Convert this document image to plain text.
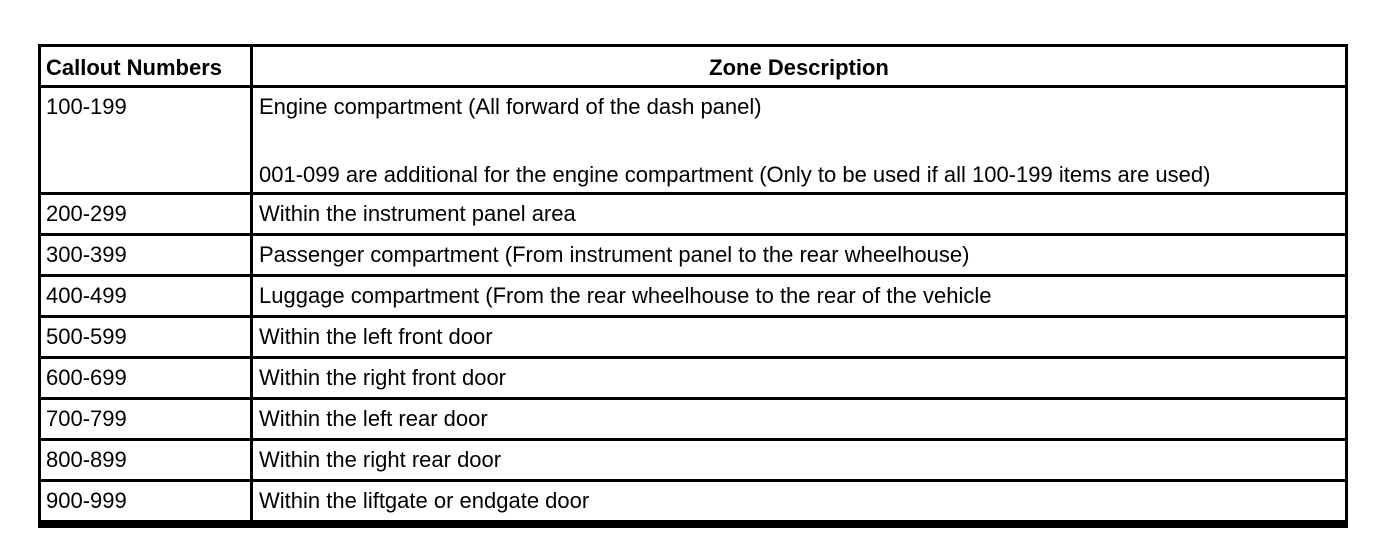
Callout Numbers	Zone Description
100-199	Engine compartment (All forward of the dash panel)
001-099 are additional for the engine compartment (Only to be used if all 100-199 items are used)
200-299	Within the instrument panel area
300-399	Passenger compartment (From instrument panel to the rear wheelhouse)
400-499	Luggage compartment (From the rear wheelhouse to the rear of the vehicle
500-599	Within the left front door
600-699	Within the right front door
700-799	Within the left rear door
800-899	Within the right rear door
900-999	Within the liftgate or endgate door
